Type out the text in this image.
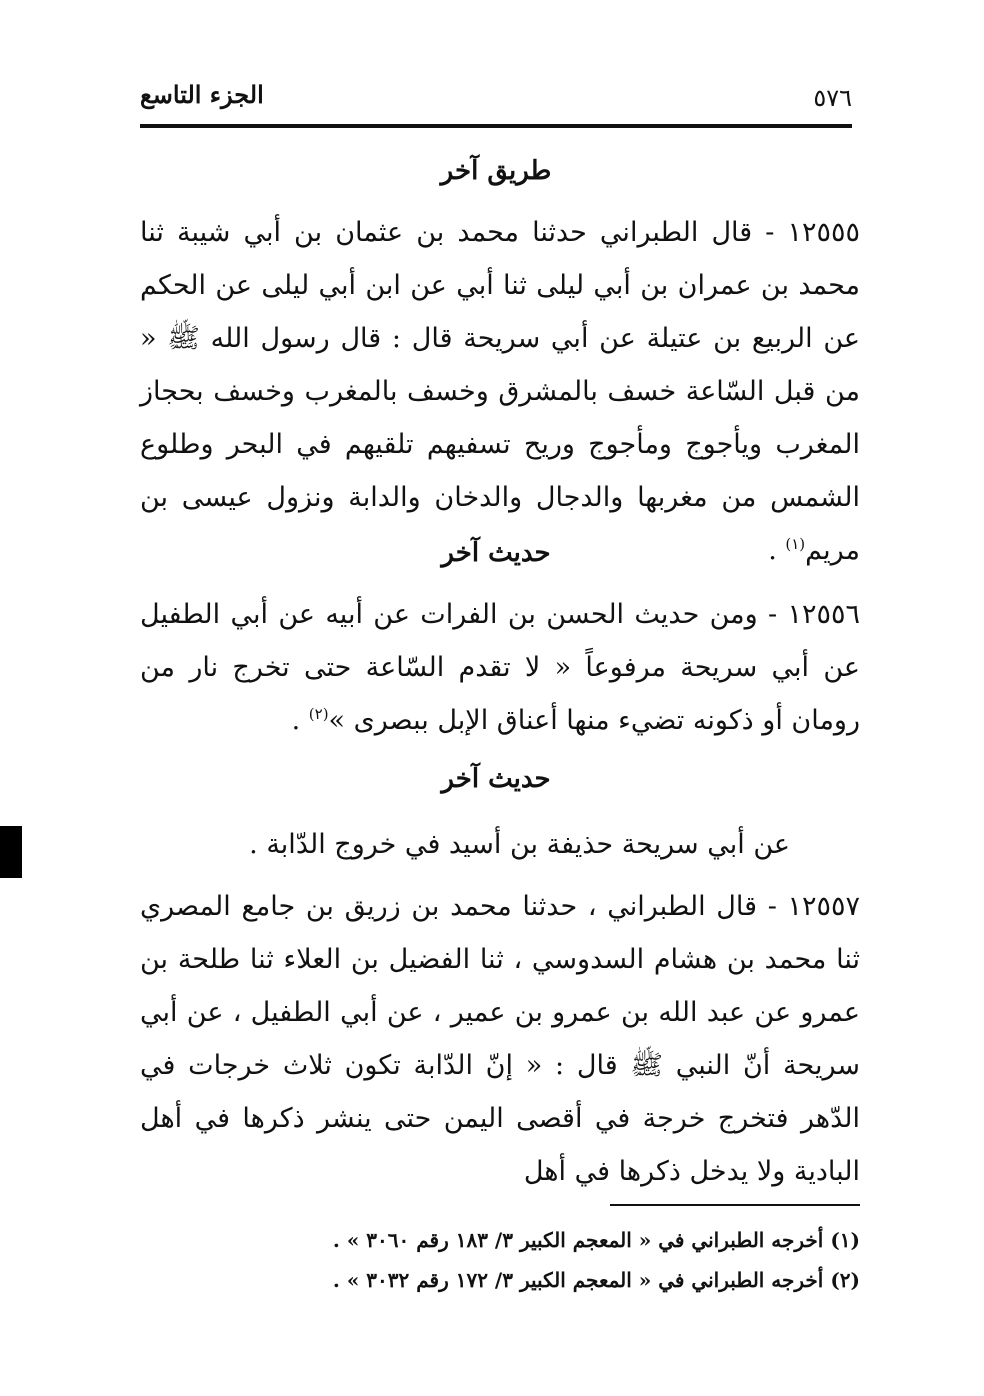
الجزء التاسع	٥٧٦
طريق آخر

١٢٥٥٥ - قال الطبراني حدثنا محمد بن عثمان بن أبي شيبة ثنا محمد بن عمران بن أبي ليلى ثنا أبي عن ابن أبي ليلى عن الحكم عن الربيع بن عتيلة عن أبي سريحة قال : قال رسول الله ﷺ « من قبل السّاعة خسف بالمشرق وخسف بالمغرب وخسف بحجاز المغرب ويأجوج ومأجوج وريح تسفيهم تلقيهم في البحر وطلوع الشمس من مغربها والدجال والدخان والدابة ونزول عيسى بن مريم$^{(١)}$ .

حديث آخر

١٢٥٥٦ - ومن حديث الحسن بن الفرات عن أبيه عن أبي الطفيل عن أبي سريحة مرفوعاً « لا تقدم السّاعة حتى تخرج نار من رومان أو ذكونه تضيء منها أعناق الإبل ببصرى »$^{(٢)}$ .

حديث آخر

عن أبي سريحة حذيفة بن أسيد في خروج الدّابة .

١٢٥٥٧ - قال الطبراني ، حدثنا محمد بن زريق بن جامع المصري ثنا محمد بن هشام السدوسي ، ثنا الفضيل بن العلاء ثنا طلحة بن عمرو عن عبد الله بن عمرو بن عمير ، عن أبي الطفيل ، عن أبي سريحة أنّ النبي ﷺ قال : « إنّ الدّابة تكون ثلاث خرجات في الدّهر فتخرج خرجة في أقصى اليمن حتى ينشر ذكرها في أهل البادية ولا يدخل ذكرها في أهل

(١) أخرجه الطبراني في « المعجم الكبير ٣/ ١٨٣ رقم ٣٠٦٠ » .

(٢) أخرجه الطبراني في « المعجم الكبير ٣/ ١٧٢ رقم ٣٠٣٢ » .
